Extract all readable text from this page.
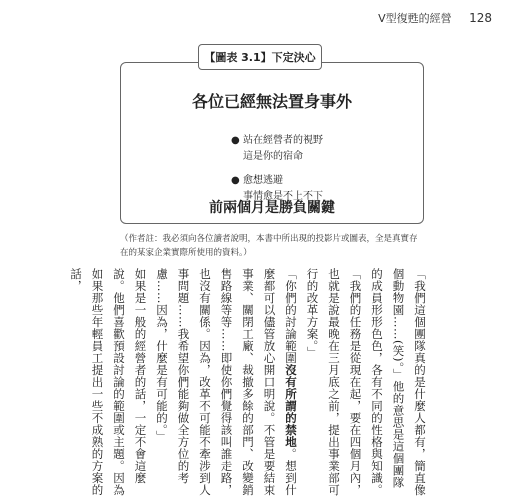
V型復甦的經營 128
各位已經無法置身事外
● 站在經營者的視野
這是你的宿命
● 愈想逃避
事情愈是不上不下
前兩個月是勝負關鍵
【圖表 3.1】下定決心
（作者註：我必須向各位讀者說明，本書中所出現的投影片或圖表，全是真實存在的某家企業實際所使用的資料。）

「我們這個團隊真的是什麼人都有，簡直像個動物園……(笑)。」他的意思是這個團隊的成員形形色色，各有不同的性格與知識。

「我們的任務是從現在起，要在四個月內，也就是說最晚在三月底之前，提出事業部可行的改革方案。」

「你們的討論範圍沒有所謂的禁地。想到什麼都可以儘管放心開口明說。不管是要結束事業、關閉工廠、裁撤多餘的部門、改變銷售路線等等……即使你們覺得該叫誰走路，也沒有關係。因為，改革不可能不牽涉到人事問題……我希望你們能夠做全方位的考慮……因為，什麼是有可能的。」

如果是一般的經營者的話，一定不會這麼說。他們喜歡預設討論的範圍或主題。因為如果那些年輕員工提出一些不成熟的方案的話，
